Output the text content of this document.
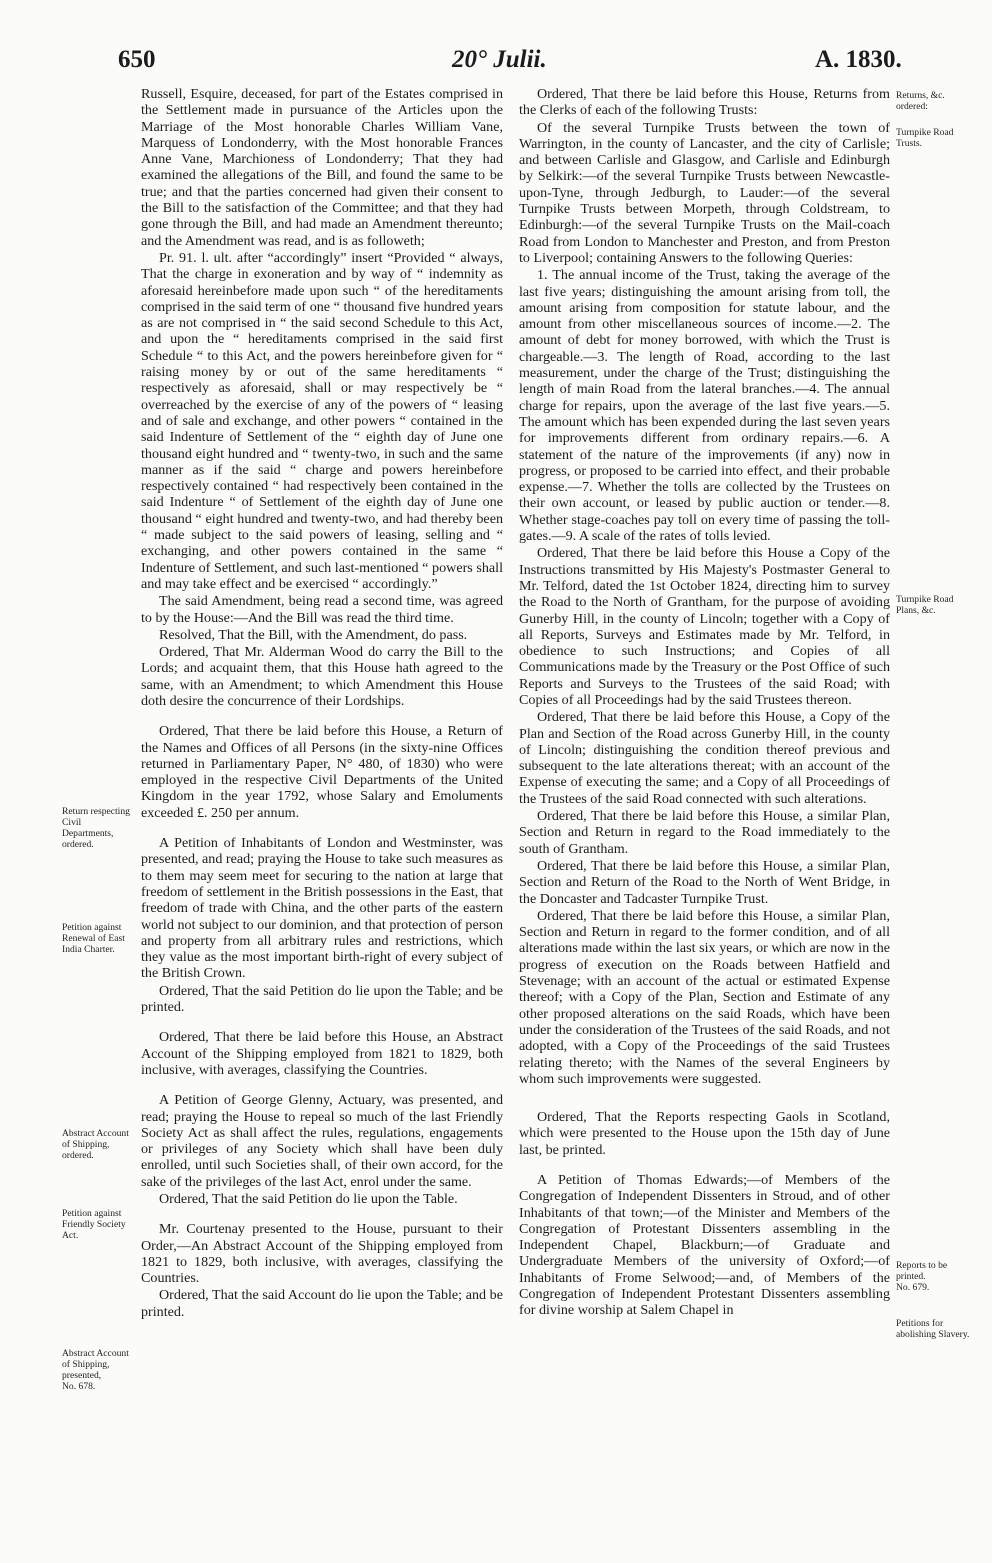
650	20° Julii.	A. 1830.

Russell, Esquire, deceased, for part of the Estates comprised in the Settlement made in pursuance of the Articles upon the Marriage of the Most honorable Charles William Vane, Marquess of Londonderry, with the Most honorable Frances Anne Vane, Marchioness of Londonderry; That they had examined the allegations of the Bill, and found the same to be true; and that the parties concerned had given their consent to the Bill to the satisfaction of the Committee; and that they had gone through the Bill, and had made an Amendment thereunto; and the Amendment was read, and is as followeth;

Pr. 91. l. ult. after “accordingly” insert “Provided “ always, That the charge in exoneration and by way of “ indemnity as aforesaid hereinbefore made upon such “ of the hereditaments comprised in the said term of one “ thousand five hundred years as are not comprised in “ the said second Schedule to this Act, and upon the “ hereditaments comprised in the said first Schedule “ to this Act, and the powers hereinbefore given for “ raising money by or out of the same hereditaments “ respectively as aforesaid, shall or may respectively be “ overreached by the exercise of any of the powers of “ leasing and of sale and exchange, and other powers “ contained in the said Indenture of Settlement of the “ eighth day of June one thousand eight hundred and “ twenty-two, in such and the same manner as if the said “ charge and powers hereinbefore respectively contained “ had respectively been contained in the said Indenture “ of Settlement of the eighth day of June one thousand “ eight hundred and twenty-two, and had thereby been “ made subject to the said powers of leasing, selling and “ exchanging, and other powers contained in the same “ Indenture of Settlement, and such last-mentioned “ powers shall and may take effect and be exercised “ accordingly.”

The said Amendment, being read a second time, was agreed to by the House:—And the Bill was read the third time.

Resolved, That the Bill, with the Amendment, do pass.

Ordered, That Mr. Alderman Wood do carry the Bill to the Lords; and acquaint them, that this House hath agreed to the same, with an Amendment; to which Amendment this House doth desire the concurrence of their Lordships.

Ordered, That there be laid before this House, a Return of the Names and Offices of all Persons (in the sixty-nine Offices returned in Parliamentary Paper, N° 480, of 1830) who were employed in the respective Civil Departments of the United Kingdom in the year 1792, whose Salary and Emoluments exceeded £. 250 per annum.

A Petition of Inhabitants of London and Westminster, was presented, and read; praying the House to take such measures as to them may seem meet for securing to the nation at large that freedom of settlement in the British possessions in the East, that freedom of trade with China, and the other parts of the eastern world not subject to our dominion, and that protection of person and property from all arbitrary rules and restrictions, which they value as the most important birth-right of every subject of the British Crown.

Ordered, That the said Petition do lie upon the Table; and be printed.

Ordered, That there be laid before this House, an Abstract Account of the Shipping employed from 1821 to 1829, both inclusive, with averages, classifying the Countries.

A Petition of George Glenny, Actuary, was presented, and read; praying the House to repeal so much of the last Friendly Society Act as shall affect the rules, regulations, engagements or privileges of any Society which shall have been duly enrolled, until such Societies shall, of their own accord, for the sake of the privileges of the last Act, enrol under the same.

Ordered, That the said Petition do lie upon the Table.

Mr. Courtenay presented to the House, pursuant to their Order,—An Abstract Account of the Shipping employed from 1821 to 1829, both inclusive, with averages, classifying the Countries.

Ordered, That the said Account do lie upon the Table; and be printed.

Ordered, That there be laid before this House, Returns from the Clerks of each of the following Trusts:

Of the several Turnpike Trusts between the town of Warrington, in the county of Lancaster, and the city of Carlisle; and between Carlisle and Glasgow, and Carlisle and Edinburgh by Selkirk:—of the several Turnpike Trusts between Newcastle-upon-Tyne, through Jedburgh, to Lauder:—of the several Turnpike Trusts between Morpeth, through Coldstream, to Edinburgh:—of the several Turnpike Trusts on the Mail-coach Road from London to Manchester and Preston, and from Preston to Liverpool; containing Answers to the following Queries:

1. The annual income of the Trust, taking the average of the last five years; distinguishing the amount arising from toll, the amount arising from composition for statute labour, and the amount from other miscellaneous sources of income.—2. The amount of debt for money borrowed, with which the Trust is chargeable.—3. The length of Road, according to the last measurement, under the charge of the Trust; distinguishing the length of main Road from the lateral branches.—4. The annual charge for repairs, upon the average of the last five years.—5. The amount which has been expended during the last seven years for improvements different from ordinary repairs.—6. A statement of the nature of the improvements (if any) now in progress, or proposed to be carried into effect, and their probable expense.—7. Whether the tolls are collected by the Trustees on their own account, or leased by public auction or tender.—8. Whether stage-coaches pay toll on every time of passing the toll-gates.—9. A scale of the rates of tolls levied.

Ordered, That there be laid before this House a Copy of the Instructions transmitted by His Majesty's Postmaster General to Mr. Telford, dated the 1st October 1824, directing him to survey the Road to the North of Grantham, for the purpose of avoiding Gunerby Hill, in the county of Lincoln; together with a Copy of all Reports, Surveys and Estimates made by Mr. Telford, in obedience to such Instructions; and Copies of all Communications made by the Treasury or the Post Office of such Reports and Surveys to the Trustees of the said Road; with Copies of all Proceedings had by the said Trustees thereon.

Ordered, That there be laid before this House, a Copy of the Plan and Section of the Road across Gunerby Hill, in the county of Lincoln; distinguishing the condition thereof previous and subsequent to the late alterations thereat; with an account of the Expense of executing the same; and a Copy of all Proceedings of the Trustees of the said Road connected with such alterations.

Ordered, That there be laid before this House, a similar Plan, Section and Return in regard to the Road immediately to the south of Grantham.

Ordered, That there be laid before this House, a similar Plan, Section and Return of the Road to the North of Went Bridge, in the Doncaster and Tadcaster Turnpike Trust.

Ordered, That there be laid before this House, a similar Plan, Section and Return in regard to the former condition, and of all alterations made within the last six years, or which are now in the progress of execution on the Roads between Hatfield and Stevenage; with an account of the actual or estimated Expense thereof; with a Copy of the Plan, Section and Estimate of any other proposed alterations on the said Roads, which have been under the consideration of the Trustees of the said Roads, and not adopted, with a Copy of the Proceedings of the said Trustees relating thereto; with the Names of the several Engineers by whom such improvements were suggested.

Ordered, That the Reports respecting Gaols in Scotland, which were presented to the House upon the 15th day of June last, be printed.

A Petition of Thomas Edwards;—of Members of the Congregation of Independent Dissenters in Stroud, and of other Inhabitants of that town;—of the Minister and Members of the Congregation of Protestant Dissenters assembling in the Independent Chapel, Blackburn;—of Graduate and Undergraduate Members of the university of Oxford;—of Inhabitants of Frome Selwood;—and, of Members of the Congregation of Independent Protestant Dissenters assembling for divine worship at Salem Chapel in

Return respecting Civil Departments, ordered.
Petition against Renewal of East India Charter.
Abstract Account of Shipping, ordered.
Petition against Friendly Society Act.
Abstract Account of Shipping, presented,
No. 678.
Returns, &c. ordered:
Turnpike Road Trusts.
Turnpike Road Plans, &c.
Reports to be printed.
No. 679.
Petitions for abolishing Slavery.
